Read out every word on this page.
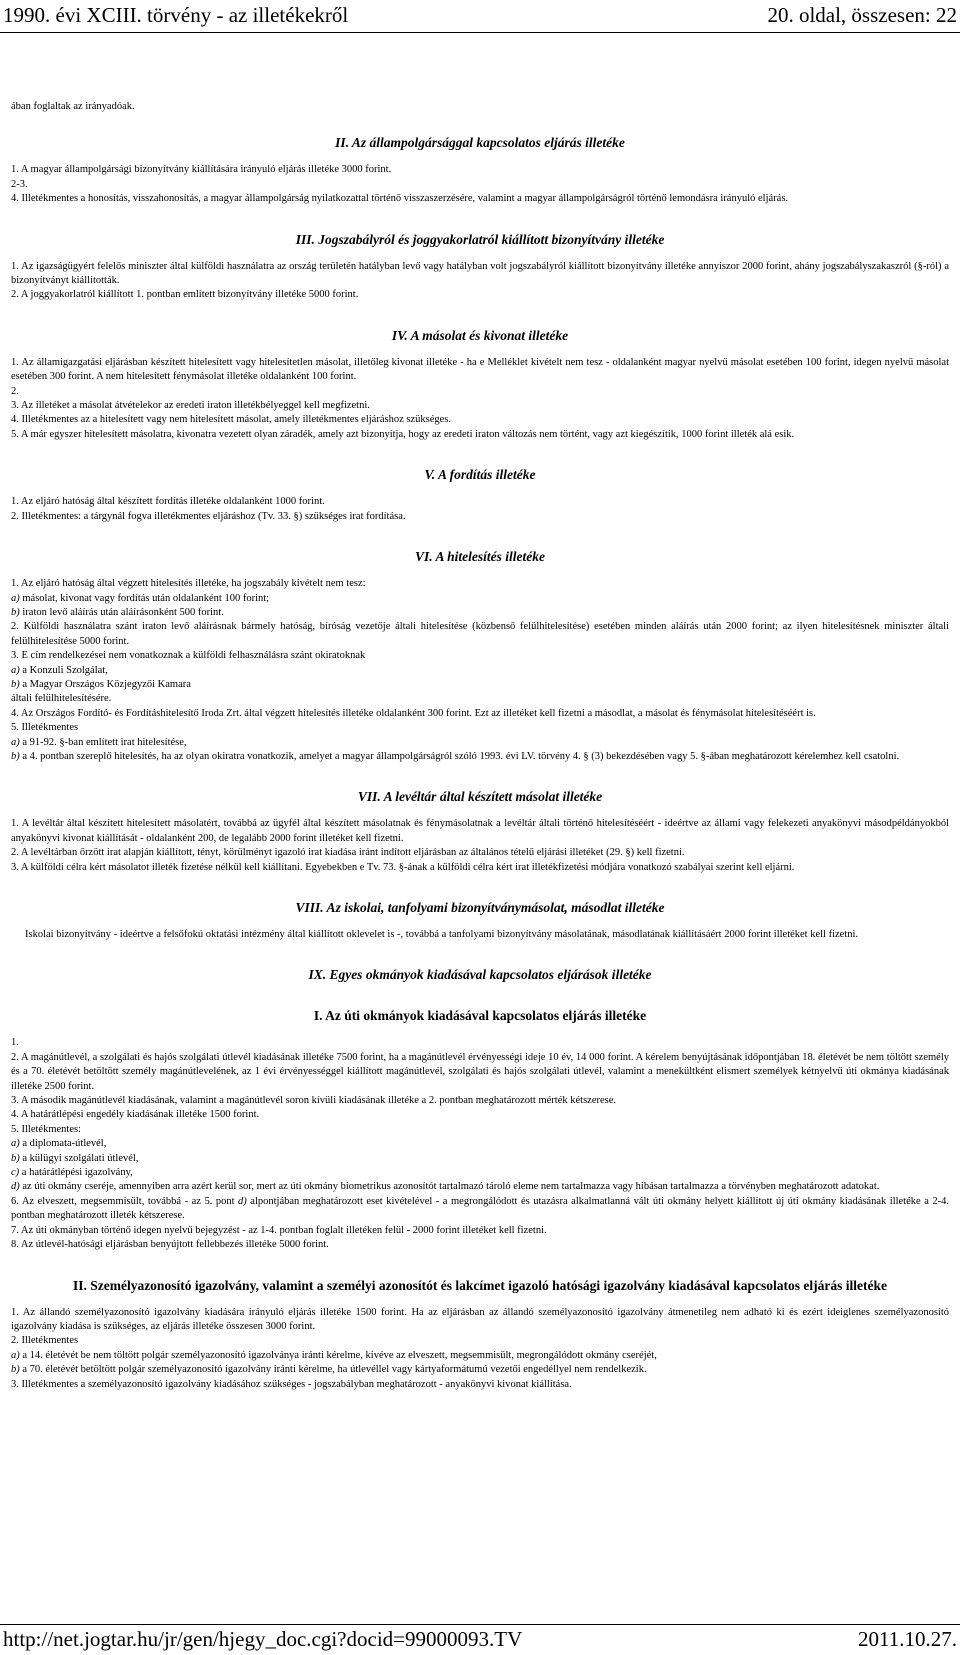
1990. évi XCIII. törvény - az illetékekről	20. oldal, összesen: 22

ában foglaltak az irányadóak.

II. Az állampolgársággal kapcsolatos eljárás illetéke

1. A magyar állampolgársági bizonyítvány kiállítására irányuló eljárás illetéke 3000 forint.

2-3.

4. Illetékmentes a honosítás, visszahonosítás, a magyar állampolgárság nyilatkozattal történő visszaszerzésére, valamint a magyar állampolgárságról történő lemondásra irányuló eljárás.

III. Jogszabályról és joggyakorlatról kiállított bizonyítvány illetéke

1. Az igazságügyért felelős miniszter által külföldi használatra az ország területén hatályban levő vagy hatályban volt jogszabályról kiállított bizonyítvány illetéke annyiszor 2000 forint, ahány jogszabályszakaszról (§-ról) a bizonyítványt kiállították.

2. A joggyakorlatról kiállított 1. pontban említett bizonyítvány illetéke 5000 forint.

IV. A másolat és kivonat illetéke

1. Az államigazgatási eljárásban készített hitelesített vagy hitelesítetlen másolat, illetőleg kivonat illetéke - ha e Melléklet kivételt nem tesz - oldalanként magyar nyelvű másolat esetében 100 forint, idegen nyelvű másolat esetében 300 forint. A nem hitelesített fénymásolat illetéke oldalanként 100 forint.

2.

3. Az illetéket a másolat átvételekor az eredeti iraton illetékbélyeggel kell megfizetni.

4. Illetékmentes az a hitelesített vagy nem hitelesített másolat, amely illetékmentes eljáráshoz szükséges.

5. A már egyszer hitelesített másolatra, kivonatra vezetett olyan záradék, amely azt bizonyítja, hogy az eredeti iraton változás nem történt, vagy azt kiegészítik, 1000 forint illeték alá esik.

V. A fordítás illetéke

1. Az eljáró hatóság által készített fordítás illetéke oldalanként 1000 forint.

2. Illetékmentes: a tárgynál fogva illetékmentes eljáráshoz (Tv. 33. §) szükséges irat fordítása.

VI. A hitelesítés illetéke

1. Az eljáró hatóság által végzett hitelesítés illetéke, ha jogszabály kivételt nem tesz:

a) másolat, kivonat vagy fordítás után oldalanként 100 forint;

b) iraton levő aláírás után aláírásonként 500 forint.

2. Külföldi használatra szánt iraton levő aláírásnak bármely hatóság, bíróság vezetője általi hitelesítése (közbenső felülhitelesítése) esetében minden aláírás után 2000 forint; az ilyen hitelesítésnek miniszter általi felülhitelesítése 5000 forint.

3. E cím rendelkezései nem vonatkoznak a külföldi felhasználásra szánt okiratoknak

a) a Konzuli Szolgálat,

b) a Magyar Országos Közjegyzői Kamara

általi felülhitelesítésére.

4. Az Országos Fordító- és Fordításhitelesítő Iroda Zrt. által végzett hitelesítés illetéke oldalanként 300 forint. Ezt az illetéket kell fizetni a másodlat, a másolat és fénymásolat hitelesítéséért is.

5. Illetékmentes

a) a 91-92. §-ban említett irat hitelesítése,

b) a 4. pontban szereplő hitelesítés, ha az olyan okiratra vonatkozik, amelyet a magyar állampolgárságról szóló 1993. évi LV. törvény 4. § (3) bekezdésében vagy 5. §-ában meghatározott kérelemhez kell csatolni.

VII. A levéltár által készített másolat illetéke

1. A levéltár által készített hitelesített másolatért, továbbá az ügyfél által készített másolatnak és fénymásolatnak a levéltár általi történő hitelesítéséért - ideértve az állami vagy felekezeti anyakönyvi másodpéldányokból anyakönyvi kivonat kiállítását - oldalanként 200, de legalább 2000 forint illetéket kell fizetni.

2. A levéltárban őrzött irat alapján kiállított, tényt, körülményt igazoló irat kiadása iránt indított eljárásban az általános tételű eljárási illetéket (29. §) kell fizetni.

3. A külföldi célra kért másolatot illeték fizetése nélkül kell kiállítani. Egyebekben e Tv. 73. §-ának a külföldi célra kért irat illetékfizetési módjára vonatkozó szabályai szerint kell eljárni.

VIII. Az iskolai, tanfolyami bizonyítványmásolat, másodlat illetéke

Iskolai bizonyítvány - ideértve a felsőfokú oktatási intézmény által kiállított oklevelet is -, továbbá a tanfolyami bizonyítvány másolatának, másodlatának kiállításáért 2000 forint illetéket kell fizetni.

IX. Egyes okmányok kiadásával kapcsolatos eljárások illetéke
I. Az úti okmányok kiadásával kapcsolatos eljárás illetéke

1.

2. A magánútlevél, a szolgálati és hajós szolgálati útlevél kiadásának illetéke 7500 forint, ha a magánútlevél érvényességi ideje 10 év, 14 000 forint. A kérelem benyújtásának időpontjában 18. életévét be nem töltött személy és a 70. életévét betöltött személy magánútlevelének, az 1 évi érvényességgel kiállított magánútlevél, szolgálati és hajós szolgálati útlevél, valamint a menekültként elismert személyek kétnyelvű úti okmánya kiadásának illetéke 2500 forint.

3. A második magánútlevél kiadásának, valamint a magánútlevél soron kívüli kiadásának illetéke a 2. pontban meghatározott mérték kétszerese.

4. A határátlépési engedély kiadásának illetéke 1500 forint.

5. Illetékmentes:

a) a diplomata-útlevél,

b) a külügyi szolgálati útlevél,

c) a határátlépési igazolvány,

d) az úti okmány cseréje, amennyiben arra azért kerül sor, mert az úti okmány biometrikus azonosítót tartalmazó tároló eleme nem tartalmazza vagy hibásan tartalmazza a törvényben meghatározott adatokat.

6. Az elveszett, megsemmisült, továbbá - az 5. pont d) alpontjában meghatározott eset kivételével - a megrongálódott és utazásra alkalmatlanná vált úti okmány helyett kiállított új úti okmány kiadásának illetéke a 2-4. pontban meghatározott illeték kétszerese.

7. Az úti okmányban történő idegen nyelvű bejegyzést - az 1-4. pontban foglalt illetéken felül - 2000 forint illetéket kell fizetni.

8. Az útlevél-hatósági eljárásban benyújtott fellebbezés illetéke 5000 forint.

II. Személyazonosító igazolvány, valamint a személyi azonosítót és lakcímet igazoló hatósági igazolvány kiadásával kapcsolatos eljárás illetéke

1. Az állandó személyazonosító igazolvány kiadására irányuló eljárás illetéke 1500 forint. Ha az eljárásban az állandó személyazonosító igazolvány átmenetileg nem adható ki és ezért ideiglenes személyazonosító igazolvány kiadása is szükséges, az eljárás illetéke összesen 3000 forint.

2. Illetékmentes

a) a 14. életévét be nem töltött polgár személyazonosító igazolványa iránti kérelme, kivéve az elveszett, megsemmisült, megrongálódott okmány cseréjét,

b) a 70. életévét betöltött polgár személyazonosító igazolvány iránti kérelme, ha útlevéllel vagy kártyaformátumú vezetői engedéllyel nem rendelkezik.

3. Illetékmentes a személyazonosító igazolvány kiadásához szükséges - jogszabályban meghatározott - anyakönyvi kivonat kiállítása.

http://net.jogtar.hu/jr/gen/hjegy_doc.cgi?docid=99000093.TV	2011.10.27.
